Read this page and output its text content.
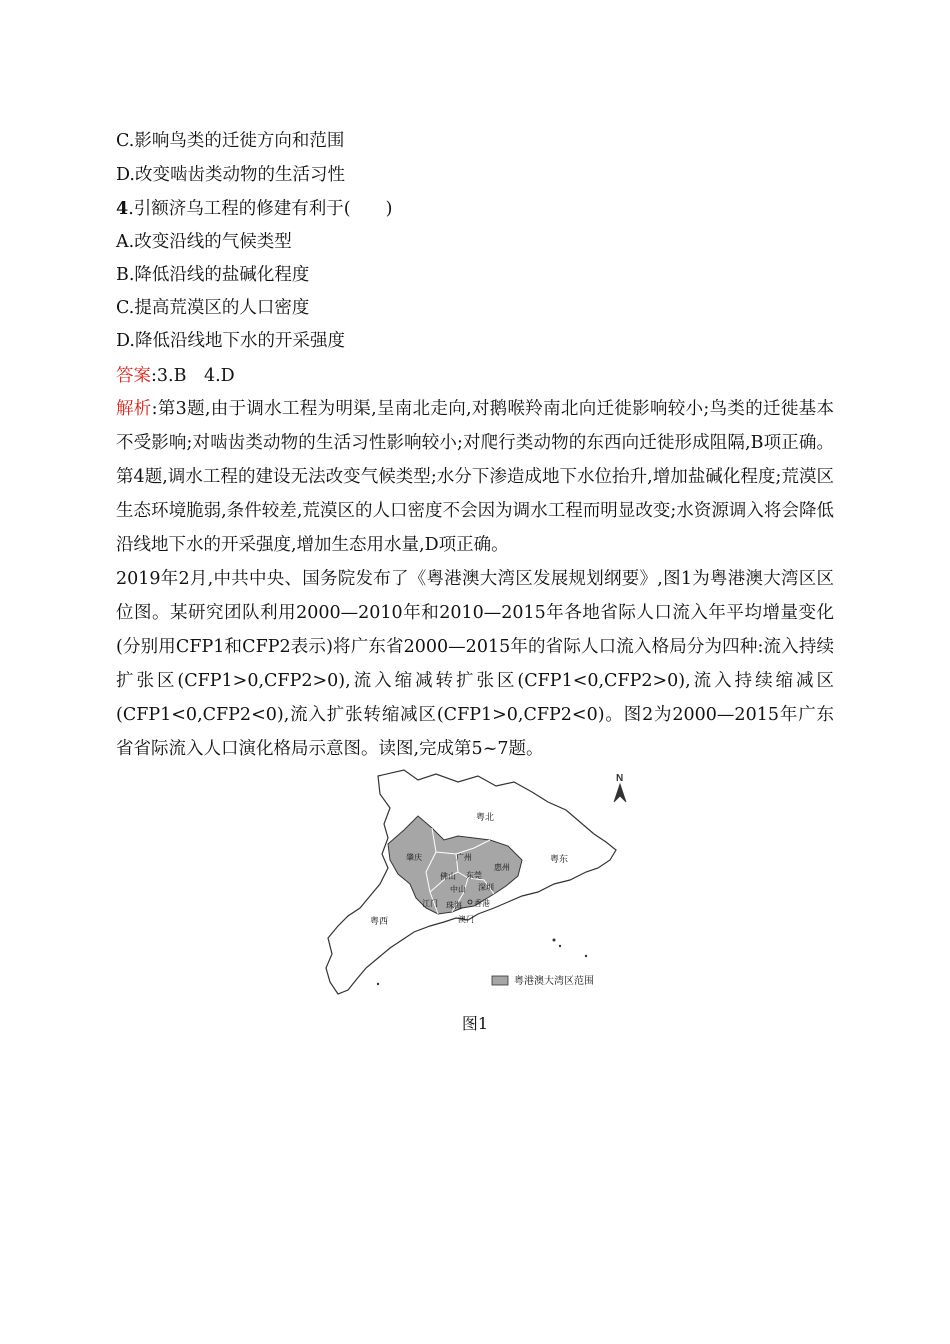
C.影响鸟类的迁徙方向和范围
D.改变啮齿类动物的生活习性
4.引额济乌工程的修建有利于(　　)
A.改变沿线的气候类型
B.降低沿线的盐碱化程度
C.提高荒漠区的人口密度
D.降低沿线地下水的开采强度
答案:3.B　4.D
解析:第3题,由于调水工程为明渠,呈南北走向,对鹅喉羚南北向迁徙影响较小;鸟类的迁徙基本不受影响;对啮齿类动物的生活习性影响较小;对爬行类动物的东西向迁徙形成阻隔,B项正确。第4题,调水工程的建设无法改变气候类型;水分下渗造成地下水位抬升,增加盐碱化程度;荒漠区生态环境脆弱,条件较差,荒漠区的人口密度不会因为调水工程而明显改变;水资源调入将会降低沿线地下水的开采强度,增加生态用水量,D项正确。
2019年2月,中共中央、国务院发布了《粤港澳大湾区发展规划纲要》,图1为粤港澳大湾区区位图。某研究团队利用2000—2010年和2010—2015年各地省际人口流入年平均增量变化(分别用CFP1和CFP2表示)将广东省2000—2015年的省际人口流入格局分为四种:流入持续扩张区(CFP1>0,CFP2>0),流入缩减转扩张区(CFP1<0,CFP2>0),流入持续缩减区(CFP1<0,CFP2<0),流入扩张转缩减区(CFP1>0,CFP2<0)。图2为2000—2015年广东省省际流入人口演化格局示意图。读图,完成第5~7题。
N
粤北
粤东
粤西
肇庆	广州
惠州
佛山 东莞
中山 深圳
江门 珠海 香港
澳门
粤港澳大湾区范围
图1
